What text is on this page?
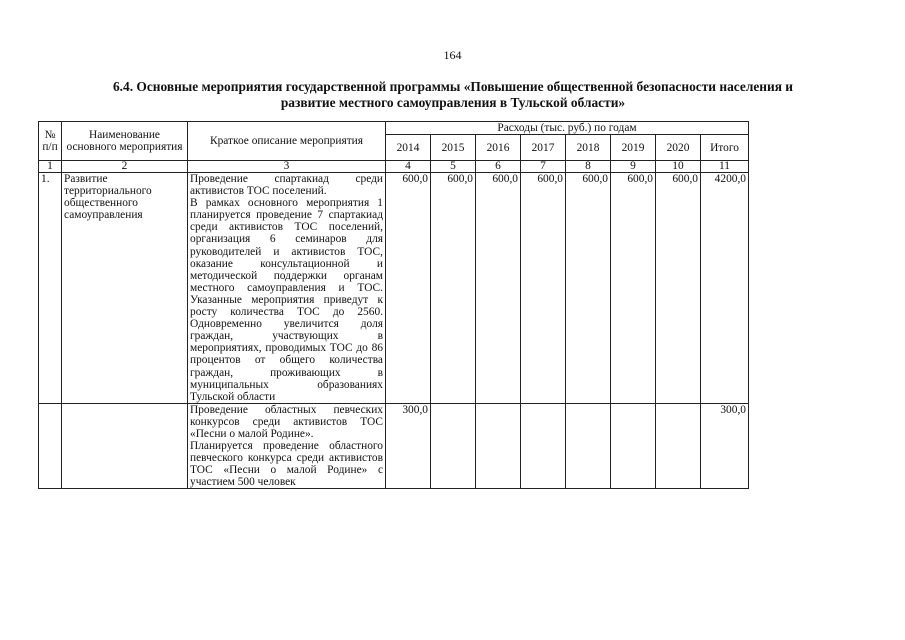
164
6.4. Основные мероприятия государственной программы «Повышение общественной безопасности населения и
развитие местного самоуправления в Тульской области»
№ п/п	Наименование основного мероприятия	Краткое описание мероприятия	Расходы (тыс. руб.) по годам							
			2014	2015	2016	2017	2018	2019	2020	Итого
1	2	3	4	5	6	7	8	9	10	11
1.	Развитие территориального общественного самоуправления	Проведение спартакиад среди активистов ТОС поселений.
В рамках основного мероприятия 1 планируется проведение 7 спартакиад среди активистов ТОС поселений, организация 6 семинаров для руководителей и активистов ТОС, оказание консультационной и методической поддержки органам местного самоуправления и ТОС. Указанные мероприятия приведут к росту количества ТОС до 2560. Одновременно увеличится доля граждан, участвующих в мероприятиях, проводимых ТОС до 86 процентов от общего количества граждан, проживающих в муниципальных образованиях Тульской области	600,0	600,0	600,0	600,0	600,0	600,0	600,0	4200,0

		Проведение областных певческих конкурсов среди активистов ТОС «Песни о малой Родине».
Планируется проведение областного певческого конкурса среди активистов ТОС «Песни о малой Родине» с участием 500 человек	300,0							300,0
